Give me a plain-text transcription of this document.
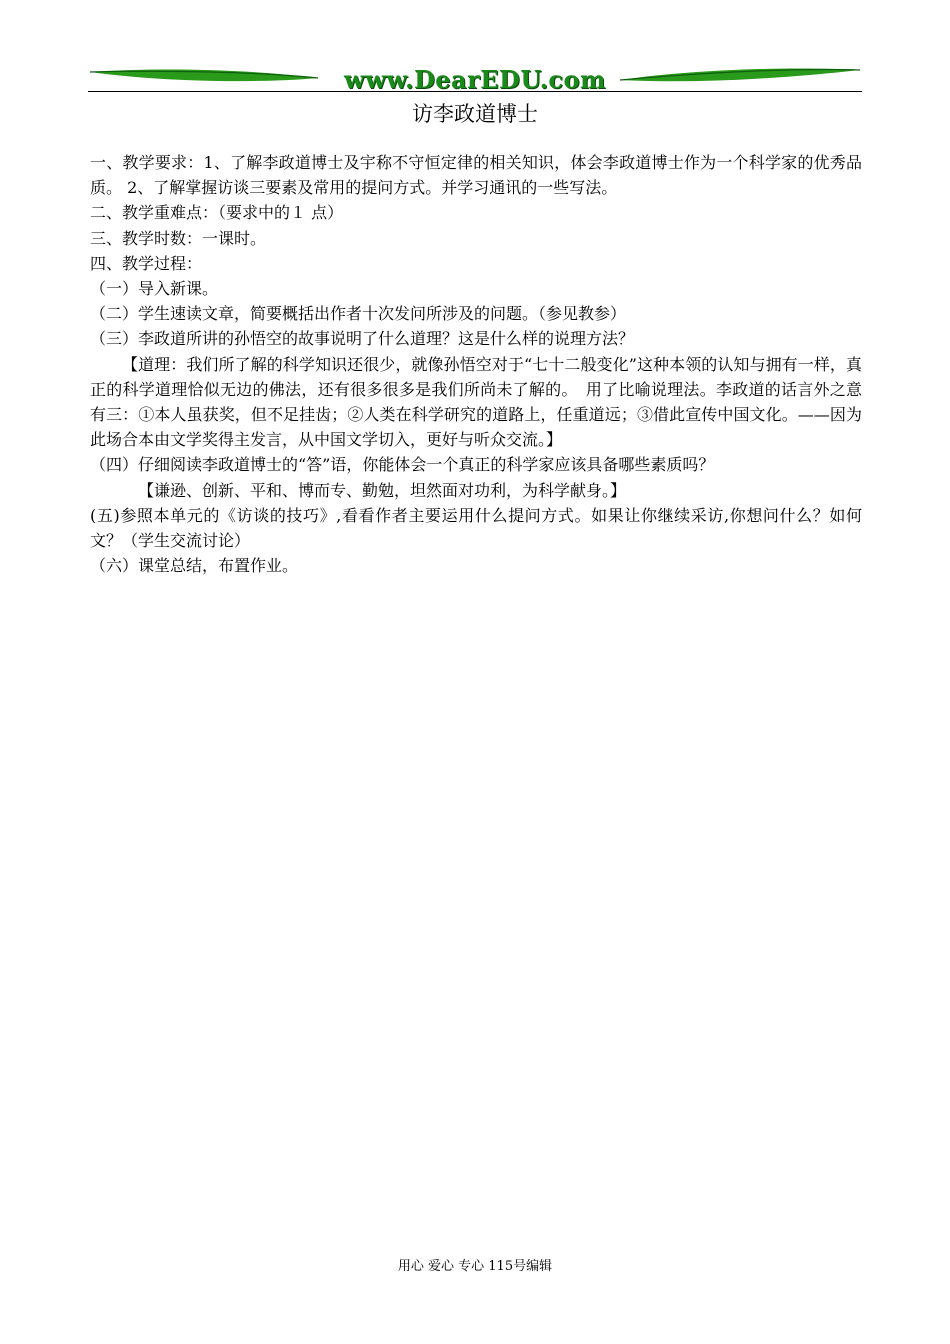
www.DearEDU.com
访李政道博士

一、教学要求：1、了解李政道博士及宇称不守恒定律的相关知识，体会李政道博士作为一个科学家的优秀品质。 2、了解掌握访谈三要素及常用的提问方式。并学习通讯的一些写法。

二、教学重难点：（要求中的１ 点）

三、教学时数：一课时。

四、教学过程：

（一）导入新课。

（二）学生速读文章，简要概括出作者十次发问所涉及的问题。（参见教参）

（三）李政道所讲的孙悟空的故事说明了什么道理？这是什么样的说理方法？

【道理：我们所了解的科学知识还很少，就像孙悟空对于“七十二般变化”这种本领的认知与拥有一样，真正的科学道理恰似无边的佛法，还有很多很多是我们所尚未了解的。　用了比喻说理法。李政道的话言外之意有三：①本人虽获奖，但不足挂齿；②人类在科学研究的道路上，任重道远；③借此宣传中国文化。——因为此场合本由文学奖得主发言，从中国文学切入，更好与听众交流。】

（四）仔细阅读李政道博士的“答”语，你能体会一个真正的科学家应该具备哪些素质吗？

【谦逊、创新、平和、博而专、勤勉，坦然面对功利，为科学献身。】

(五)参照本单元的《访谈的技巧》,看看作者主要运用什么提问方式。如果让你继续采访,你想问什么？如何文？（学生交流讨论）

（六）课堂总结，布置作业。

用心 爱心 专心 115号编辑
